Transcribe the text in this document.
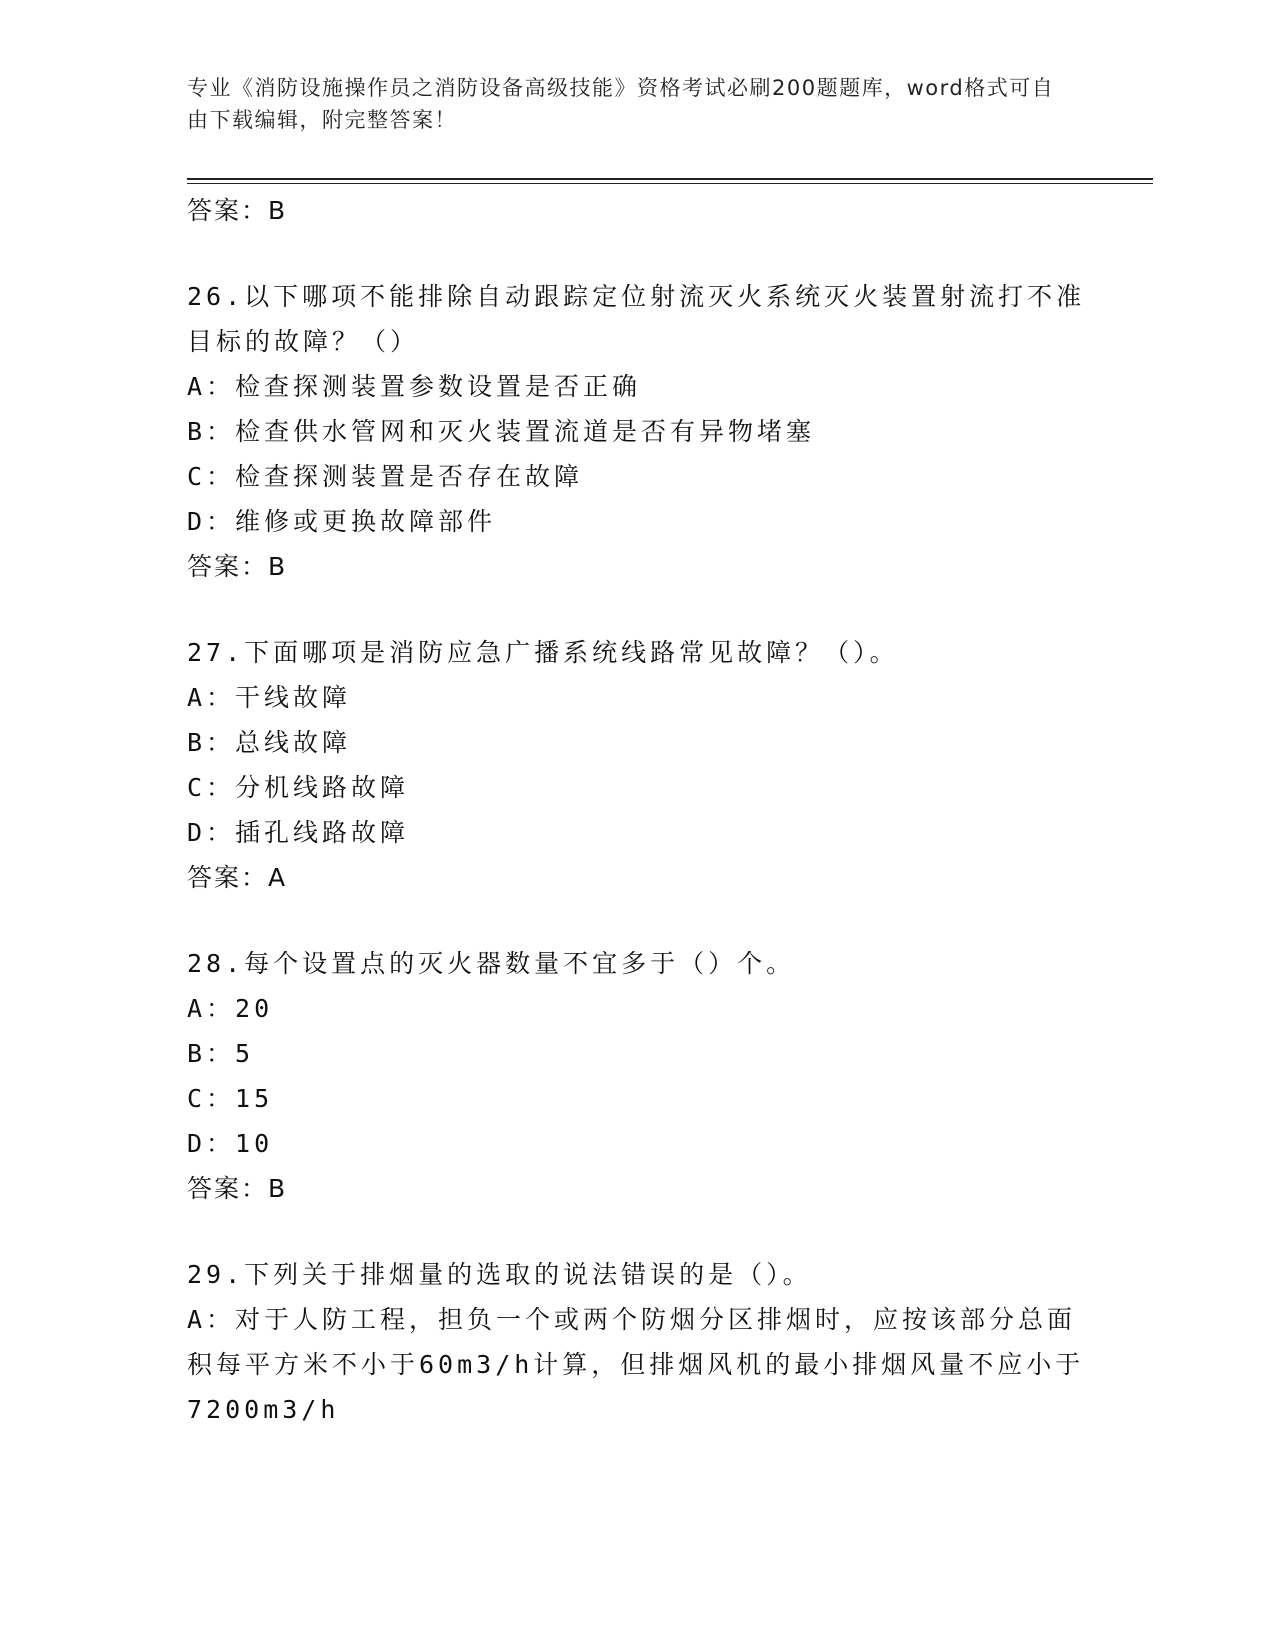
专业《消防设施操作员之消防设备高级技能》资格考试必刷200题题库，word格式可自由下载编辑，附完整答案！
答案：B
26.以下哪项不能排除自动跟踪定位射流灭火系统灭火装置射流打不准目标的故障？（）
A：检查探测装置参数设置是否正确
B：检查供水管网和灭火装置流道是否有异物堵塞
C：检查探测装置是否存在故障
D：维修或更换故障部件
答案：B
27.下面哪项是消防应急广播系统线路常见故障？（）。
A：干线故障
B：总线故障
C：分机线路故障
D：插孔线路故障
答案：A
28.每个设置点的灭火器数量不宜多于（）个。
A：20
B：5
C：15
D：10
答案：B
29.下列关于排烟量的选取的说法错误的是（）。
A：对于人防工程，担负一个或两个防烟分区排烟时，应按该部分总面积每平方米不小于60m3/h计算，但排烟风机的最小排烟风量不应小于7200m3/h
